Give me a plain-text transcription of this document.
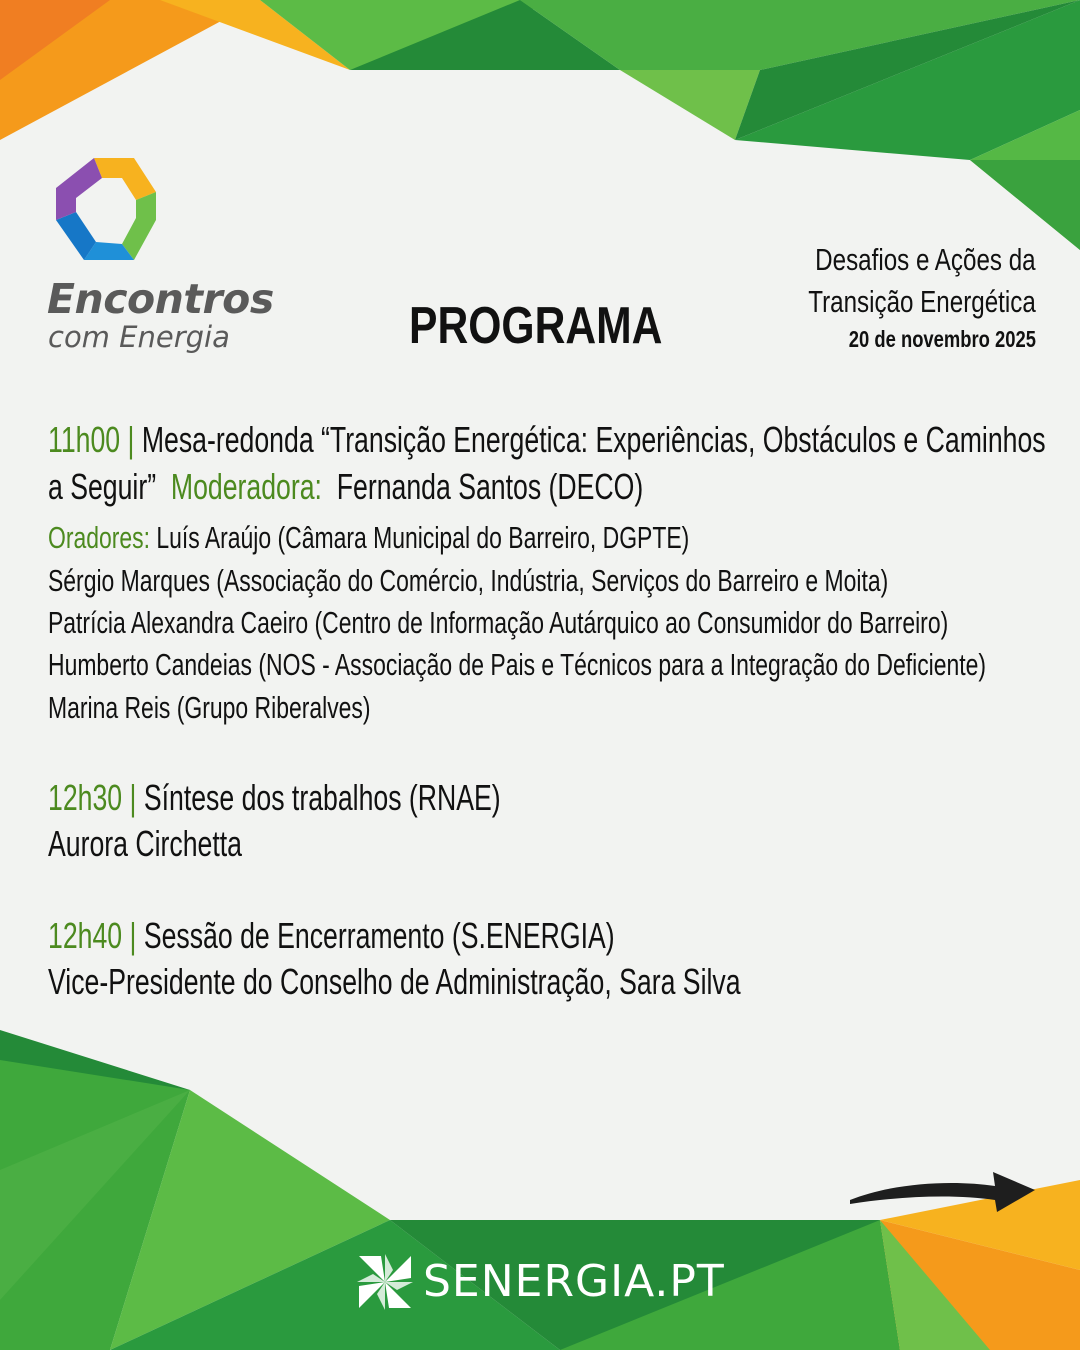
Encontros
com Energia	PROGRAMA
Desafios e Ações da
Transição Energética
20 de novembro 2025
11h00 | Mesa-redonda “Transição Energética: Experiências, Obstáculos e Caminhos
a Seguir” Moderadora: Fernanda Santos (DECO)
Oradores: Luís Araújo (Câmara Municipal do Barreiro, DGPTE)
Sérgio Marques (Associação do Comércio, Indústria, Serviços do Barreiro e Moita)
Patrícia Alexandra Caeiro (Centro de Informação Autárquico ao Consumidor do Barreiro)
Humberto Candeias (NOS - Associação de Pais e Técnicos para a Integração do Deficiente)
Marina Reis (Grupo Riberalves)
12h30 | Síntese dos trabalhos (RNAE)
Aurora Circhetta
12h40 | Sessão de Encerramento (S.ENERGIA)
Vice-Presidente do Conselho de Administração, Sara Silva
SENERGIA.PT
